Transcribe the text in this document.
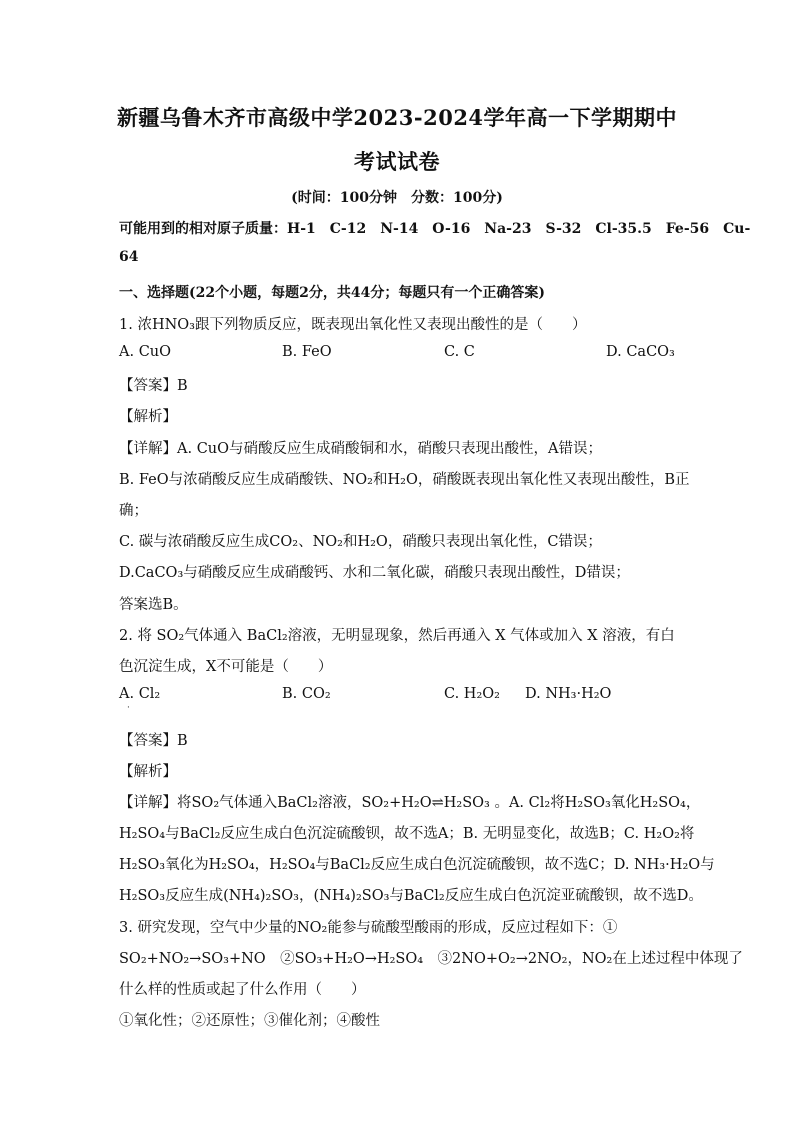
新疆乌鲁木齐市高级中学2023-2024学年高一下学期期中
考试试卷
(时间：100分钟　分数：100分)
可能用到的相对原子质量：H-1　C-12　N-14　O-16　Na-23　S-32　Cl-35.5　Fe-56　Cu-
64
一、选择题(22个小题，每题2分，共44分；每题只有一个正确答案)
1. 浓HNO₃跟下列物质反应，既表现出氧化性又表现出酸性的是（　　）
A. CuO	B. FeO	C. C	D. CaCO₃
【答案】B
【解析】
【详解】A. CuO与硝酸反应生成硝酸铜和水，硝酸只表现出酸性，A错误；
B. FeO与浓硝酸反应生成硝酸铁、NO₂和H₂O，硝酸既表现出氧化性又表现出酸性，B正
确；
C. 碳与浓硝酸反应生成CO₂、NO₂和H₂O，硝酸只表现出氧化性，C错误；
D.CaCO₃与硝酸反应生成硝酸钙、水和二氧化碳，硝酸只表现出酸性，D错误；
答案选B。
2. 将 SO₂气体通入 BaCl₂溶液，无明显现象，然后再通入 X 气体或加入 X 溶液，有白
色沉淀生成，X不可能是（　　）
A. Cl₂	B. CO₂	C. H₂O₂ D. NH₃·H₂O
·
【答案】B
【解析】
【详解】将SO₂气体通入BaCl₂溶液，SO₂+H₂O⇌H₂SO₃ 。A. Cl₂将H₂SO₃氧化H₂SO₄，
H₂SO₄与BaCl₂反应生成白色沉淀硫酸钡，故不选A；B. 无明显变化，故选B；C. H₂O₂将
H₂SO₃氧化为H₂SO₄，H₂SO₄与BaCl₂反应生成白色沉淀硫酸钡，故不选C；D. NH₃·H₂O与
H₂SO₃反应生成(NH₄)₂SO₃，(NH₄)₂SO₃与BaCl₂反应生成白色沉淀亚硫酸钡，故不选D。
3. 研究发现，空气中少量的NO₂能参与硫酸型酸雨的形成，反应过程如下：①
SO₂+NO₂→SO₃+NO　②SO₃+H₂O→H₂SO₄　③2NO+O₂→2NO₂，NO₂在上述过程中体现了
什么样的性质或起了什么作用（　　）
①氧化性；②还原性；③催化剂；④酸性
